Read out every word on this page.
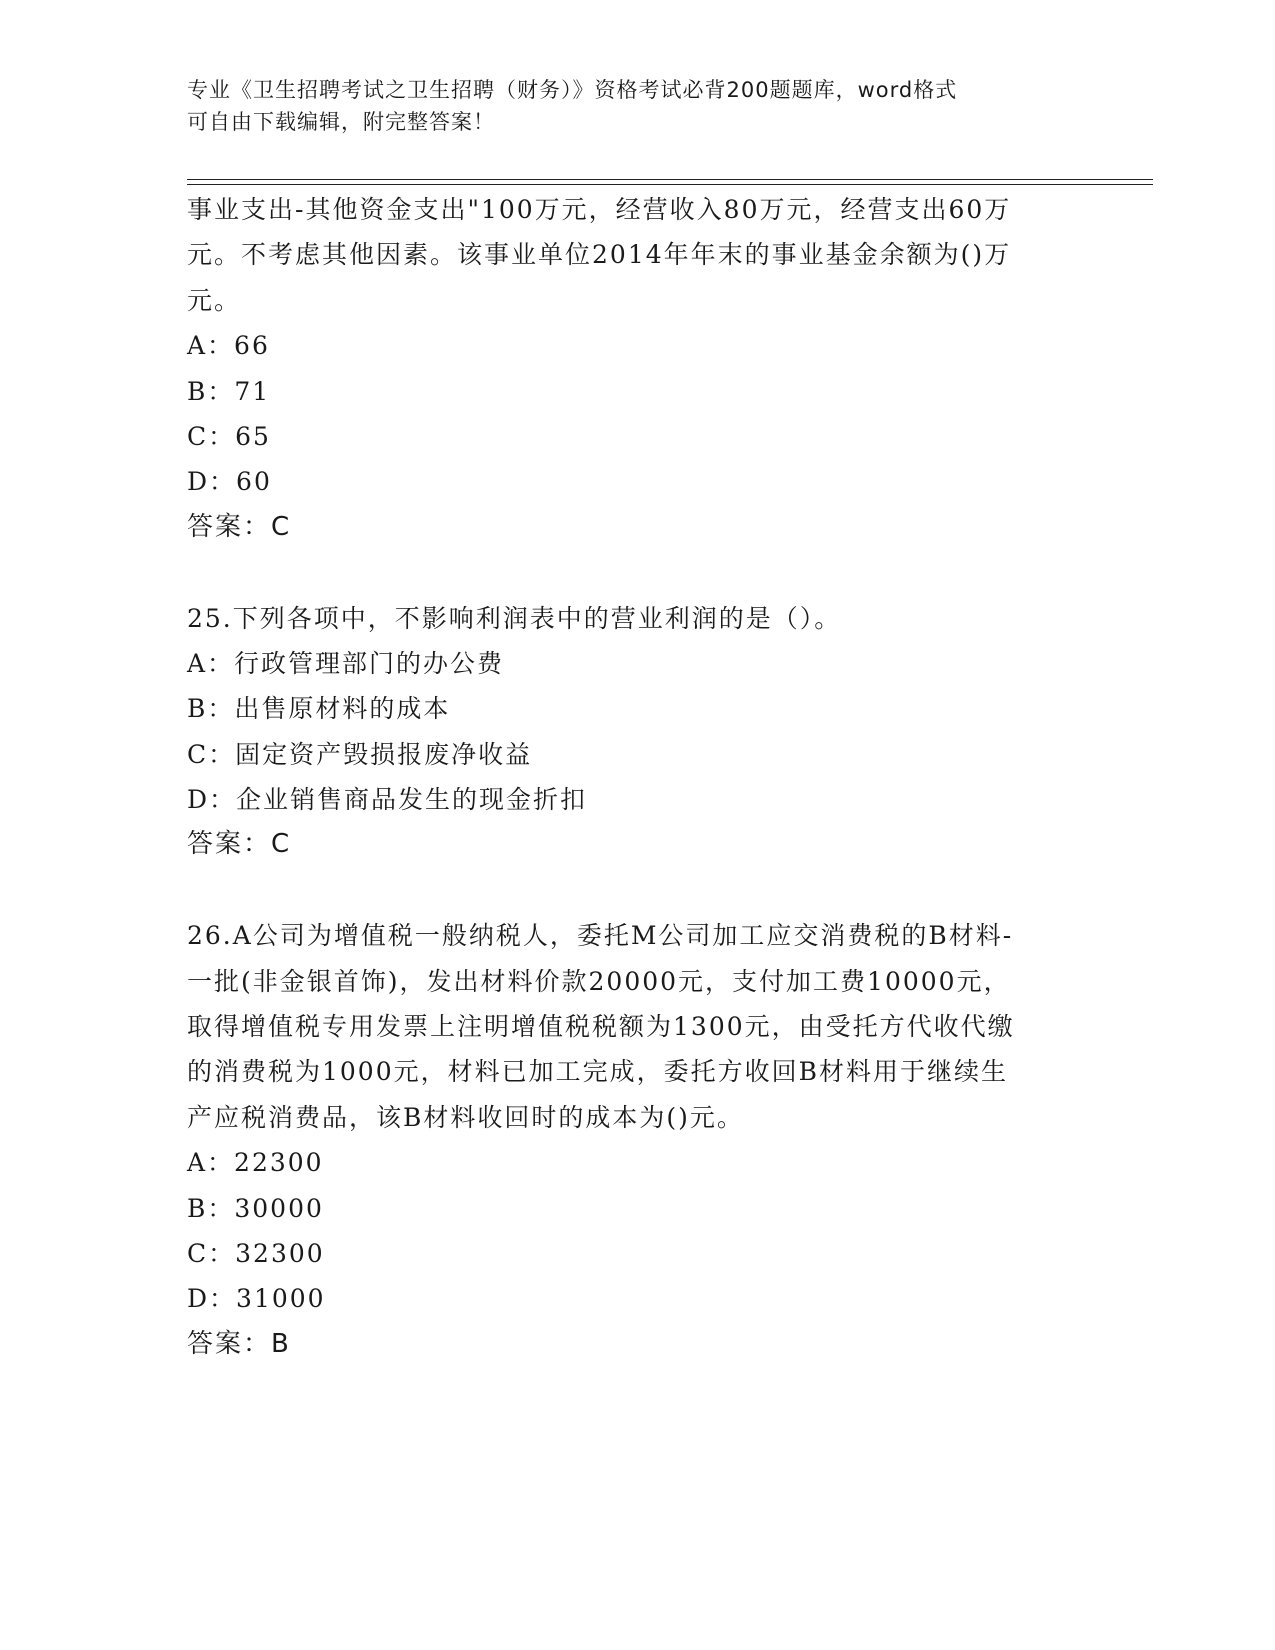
专业《卫生招聘考试之卫生招聘（财务）》资格考试必背200题题库，word格式
可自由下载编辑，附完整答案！
事业支出-其他资金支出"100万元，经营收入80万元，经营支出60万
元。不考虑其他因素。该事业单位2014年年末的事业基金余额为()万
元。
A：66
B：71
C：65
D：60
答案：C
25.下列各项中，不影响利润表中的营业利润的是（）。
A：行政管理部门的办公费
B：出售原材料的成本
C：固定资产毁损报废净收益
D：企业销售商品发生的现金折扣
答案：C
26.A公司为增值税一般纳税人，委托M公司加工应交消费税的B材料-
一批(非金银首饰)，发出材料价款20000元，支付加工费10000元，
取得增值税专用发票上注明增值税税额为1300元，由受托方代收代缴
的消费税为1000元，材料已加工完成，委托方收回B材料用于继续生
产应税消费品，该B材料收回时的成本为()元。
A：22300
B：30000
C：32300
D：31000
答案：B
